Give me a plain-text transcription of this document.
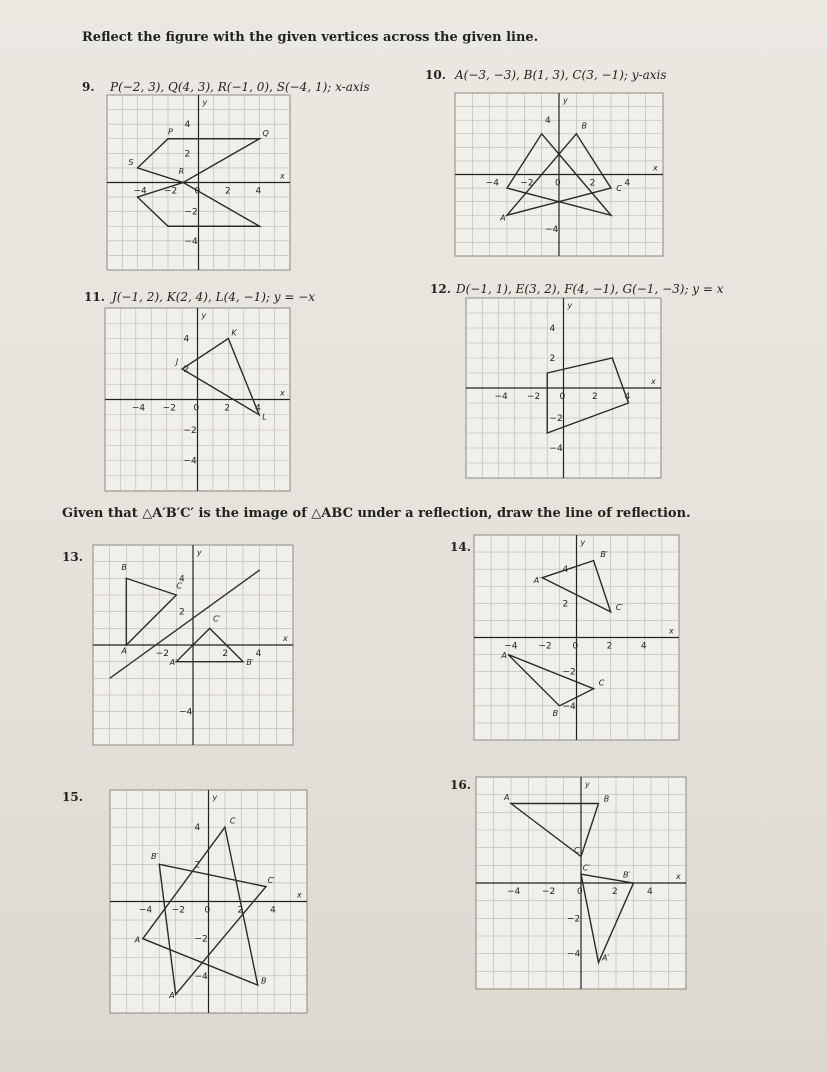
Reflect the figure with the given vertices across the given line.
9. P(−2, 3), Q(4, 3), R(−1, 0), S(−4, 1); x-axis
10. A(−3, −3), B(1, 3), C(3, −1); y-axis
x
y
−4 −2 0	2	4
4
2
−2
−4
P	Q
R
S
x
y
−4 −2 0	2	4
4
−4
A
B
C
11. J(−1, 2), K(2, 4), L(4, −1); y = −x
12. D(−1, 1), E(3, 2), F(4, −1), G(−1, −3); y = x
x
y
−4 −2 0	2	4
4
2
−2
−4
J
K
L
x
y
−4 −2 0	2	4
4
2
−2
−4
Given that △A′B′C′ is the image of △ABC under a reflection, draw the line of reflection.
13.
14.
x
y
−2	2	4
4
2
−4
B
A
C
C′
B′
A′
x
y
−4 −2 0	2	4
4
2
−2
−4
A′
B′
C′
A
C
B
15.
16.
x
y
−4 −2 0	2	4
4
2
−2
−4
C
B′
C′
A
B
A′
x
y
−4 −2 0	2	4
−2
−4
A	B
C
C′
B′
A′
